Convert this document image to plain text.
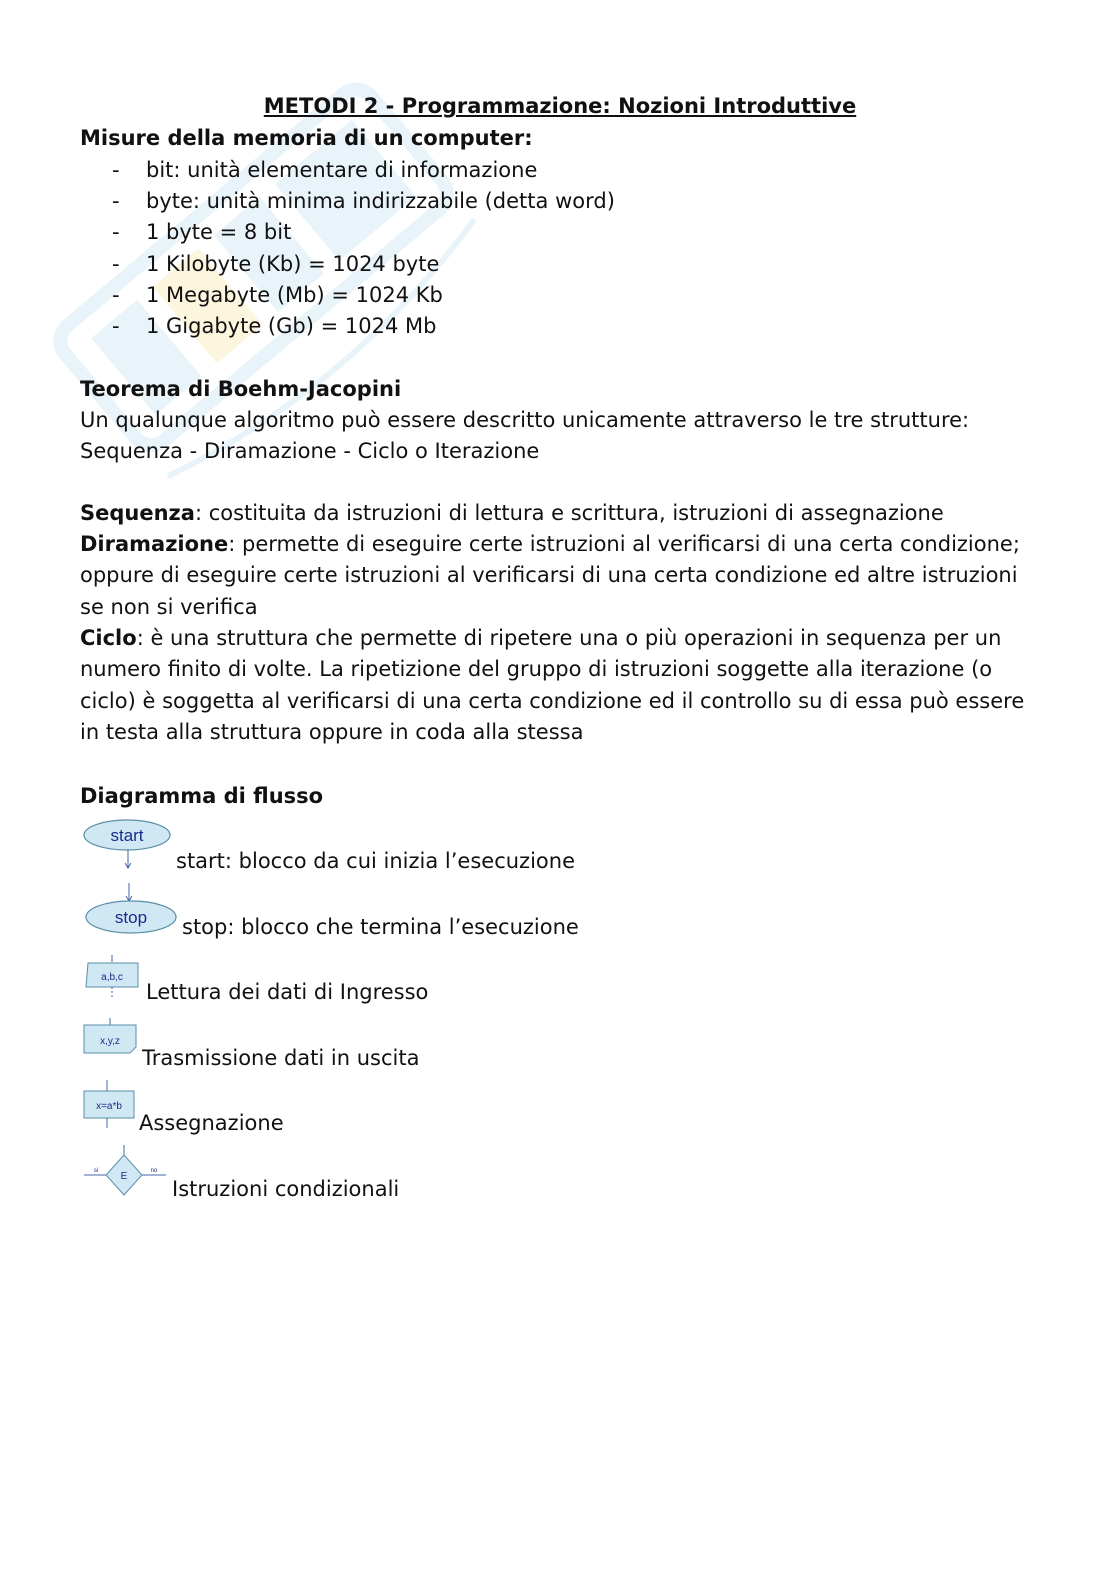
METODI 2 - Programmazione: Nozioni Introduttive
Misure della memoria di un computer:
- bit: unità elementare di informazione
- byte: unità minima indirizzabile (detta word)
- 1 byte = 8 bit
- 1 Kilobyte (Kb) = 1024 byte
- 1 Megabyte (Mb) = 1024 Kb
- 1 Gigabyte (Gb) = 1024 Mb
Teorema di Boehm-Jacopini
Un qualunque algoritmo può essere descritto unicamente attraverso le tre strutture:
Sequenza - Diramazione - Ciclo o Iterazione
Sequenza: costituita da istruzioni di lettura e scrittura, istruzioni di assegnazione
Diramazione: permette di eseguire certe istruzioni al verificarsi di una certa condizione; oppure di eseguire certe istruzioni al verificarsi di una certa condizione ed altre istruzioni se non si verifica
Ciclo: è una struttura che permette di ripetere una o più operazioni in sequenza per un numero finito di volte. La ripetizione del gruppo di istruzioni soggette alla iterazione (o ciclo) è soggetta al verificarsi di una certa condizione ed il controllo su di essa può essere in testa alla struttura oppure in coda alla stessa
Diagramma di flusso
start
stop
a,b,c
x,y,z
x=a*b
E
si	no
start: blocco da cui inizia l’esecuzione
stop: blocco che termina l’esecuzione
Lettura dei dati di Ingresso
Trasmissione dati in uscita
Assegnazione
Istruzioni condizionali
